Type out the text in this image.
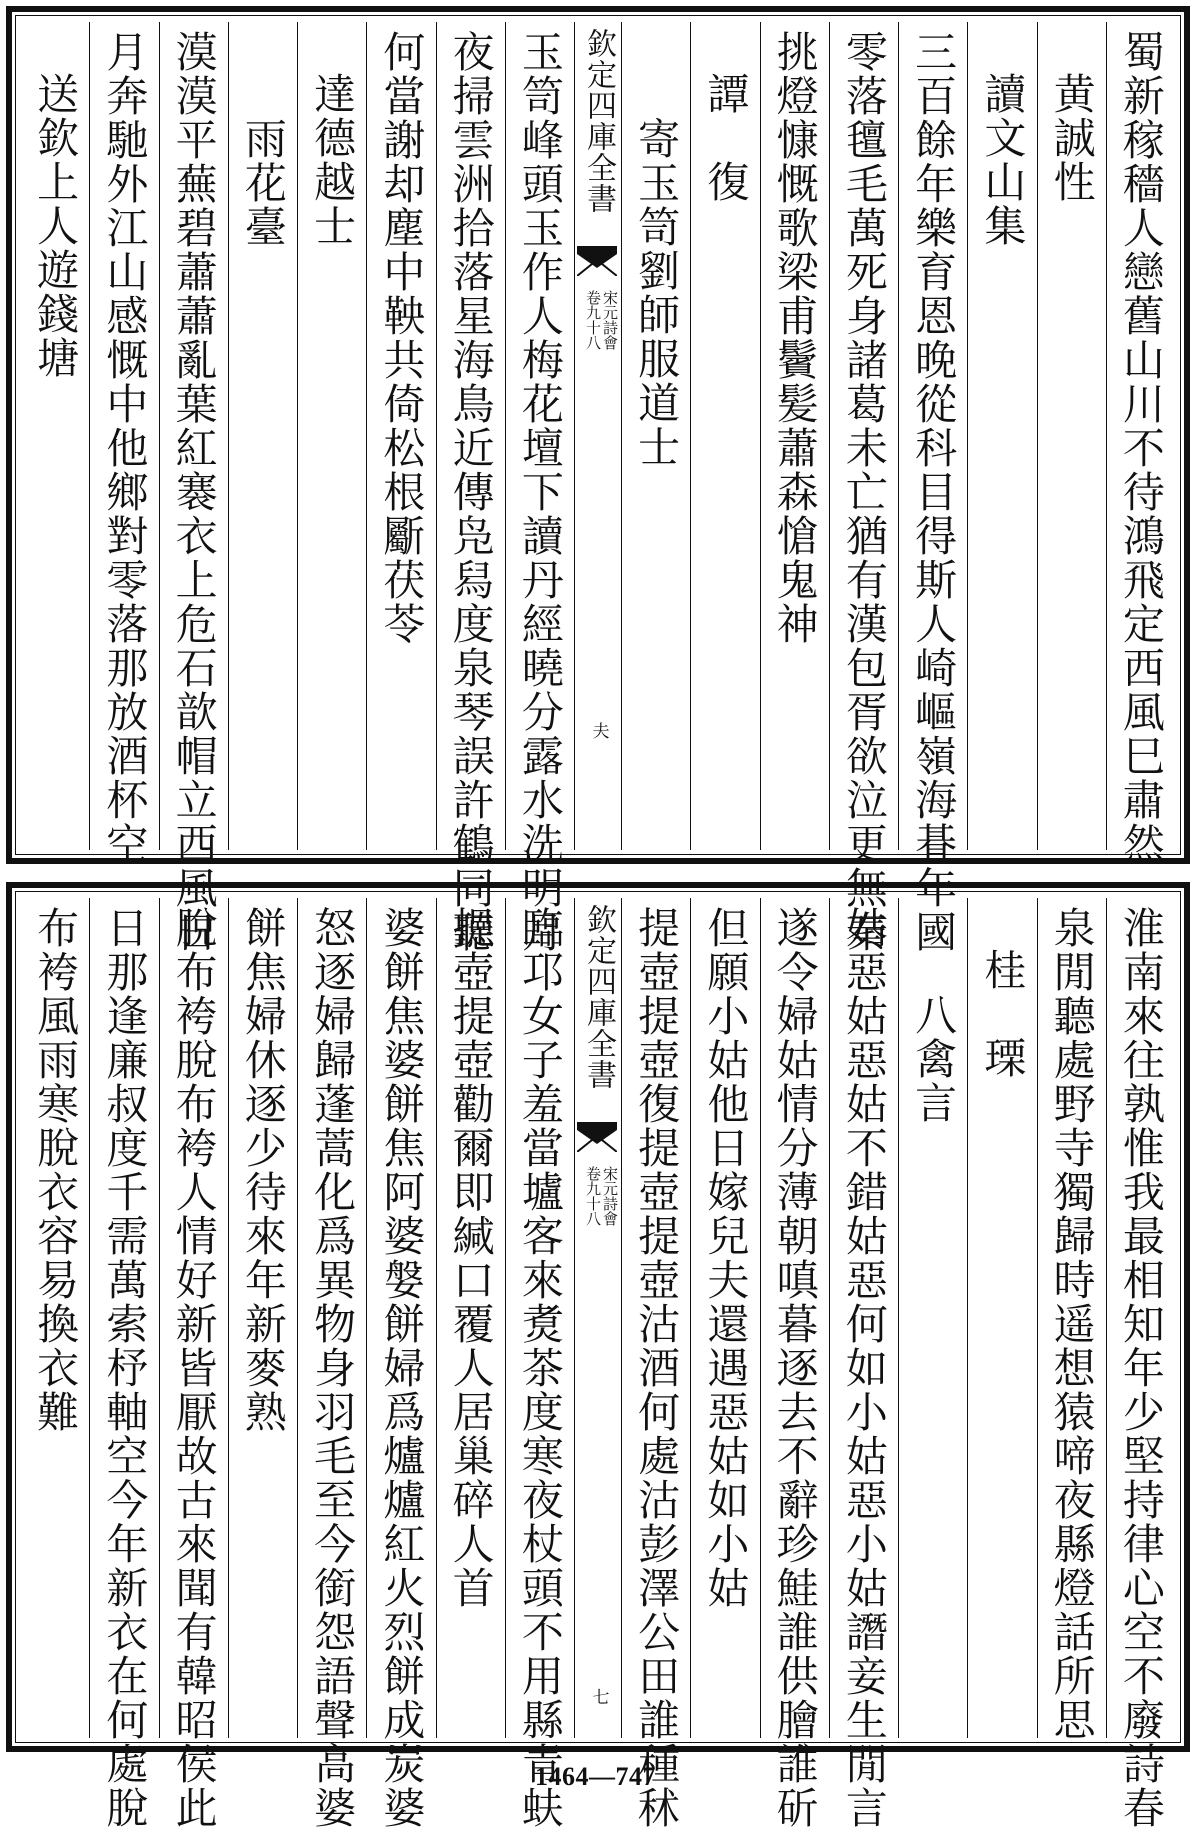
蜀新稼穡人戀舊山川不待鴻飛定西風巳肅然
黄誠性
讀文山集
三百餘年樂育恩晚從科目得斯人崎嶇嶺海朞年國
零落氊毛萬死身諸葛未亡猶有漢包胥欲泣更無秦
挑燈慷慨歌梁甫鬢髪蕭森愴鬼神
譚　復
寄玉笥劉師服道士
欽定四庫全書
宋元詩會
卷九十八
夫
玉笥峰頭玉作人梅花壇下讀丹經曉分露水洗明月
夜掃雲洲拾落星海鳥近傳凫舄度泉琴誤許鶴同聽
何當謝却塵中鞅共倚松根斸茯苓
達德越士
雨花臺
漠漠平蕪碧蕭蕭亂葉紅褰衣上危石歆帽立西風日
月奔馳外江山感慨中他鄉對零落那放酒杯空
送欽上人遊錢塘
淮南來往孰惟我最相知年少堅持律心空不廢詩春
泉閒聽處野寺獨歸時遥想猿啼夜縣燈話所思
桂　瑮
八禽言
姑惡姑惡姑不錯姑惡何如小姑惡小姑譖妾生閒言
遂令婦姑情分薄朝嗔暮逐去不辭珍鮭誰供膾誰斫
但願小姑他日嫁兒夫還遇惡姑如小姑
提壺提壺復提壺提壺沽酒何處沽彭澤公田誰種秫
欽定四庫全書
宋元詩會
卷九十八
七
臨邛女子羞當壚客來煑茶度寒夜杖頭不用縣青蚨
提壺提壺勸爾即緘口覆人居巢碎人首
婆餅焦婆餅焦阿婆媻餅婦爲爐爐紅火烈餅成炭婆
怒逐婦歸蓬蒿化爲異物身羽毛至今銜怨語聲高婆
餅焦婦休逐少待來年新麥熟
脫布袴脫布袴人情好新皆厭故古來聞有韓昭侯此
日那逢廉叔度千需萬索杼軸空今年新衣在何處脫
布袴風雨寒脫衣容易換衣難
1464—747
